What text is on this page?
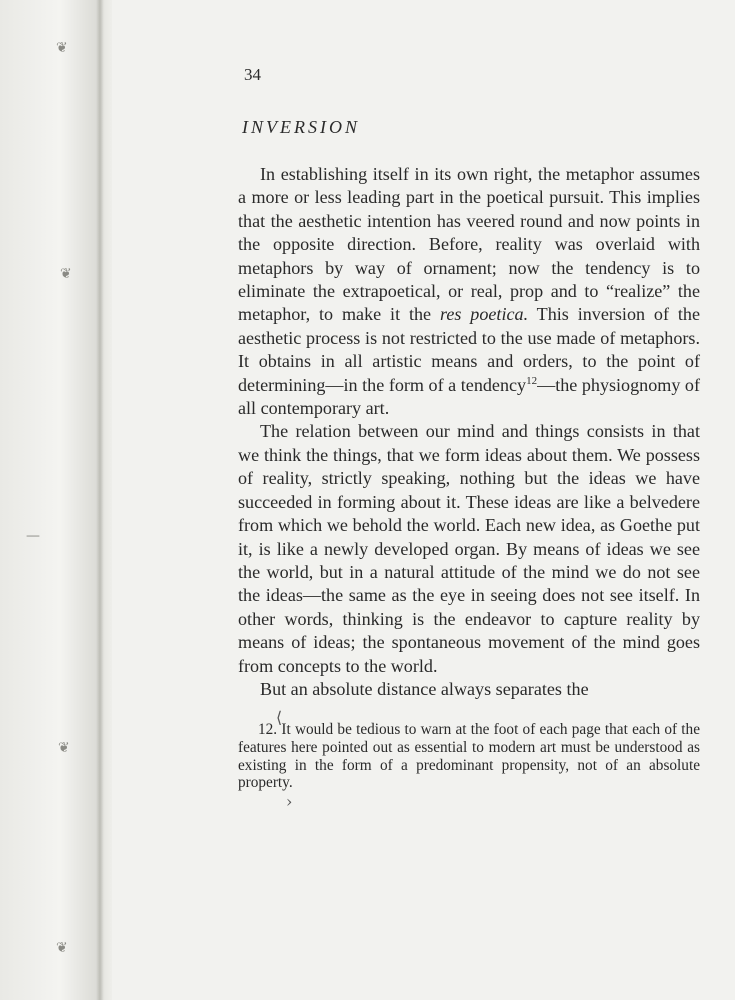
❦
❦
—
❦
❦
34
INVERSION

In establishing itself in its own right, the metaphor assumes a more or less leading part in the poetical pursuit. This implies that the aesthetic intention has veered round and now points in the opposite direction. Before, reality was overlaid with metaphors by way of ornament; now the tendency is to eliminate the extrapoetical, or real, prop and to “realize” the metaphor, to make it the res poetica. This inversion of the aesthetic process is not restricted to the use made of metaphors. It obtains in all artistic means and orders, to the point of determining—in the form of a tendency$^{12}$—the physiognomy of all contemporary art.

The relation between our mind and things consists in that we think the things, that we form ideas about them. We possess of reality, strictly speaking, nothing but the ideas we have succeeded in forming about it. These ideas are like a belvedere from which we behold the world. Each new idea, as Goethe put it, is like a newly developed organ. By means of ideas we see the world, but in a natural attitude of the mind we do not see the ideas—the same as the eye in seeing does not see itself. In other words, thinking is the endeavor to capture reality by means of ideas; the spontaneous movement of the mind goes from concepts to the world.

But an absolute distance always separates the

12. It would be tedious to warn at the foot of each page that each of the features here pointed out as essential to modern art must be understood as existing in the form of a predominant propensity, not of an absolute property.
⟨
›
